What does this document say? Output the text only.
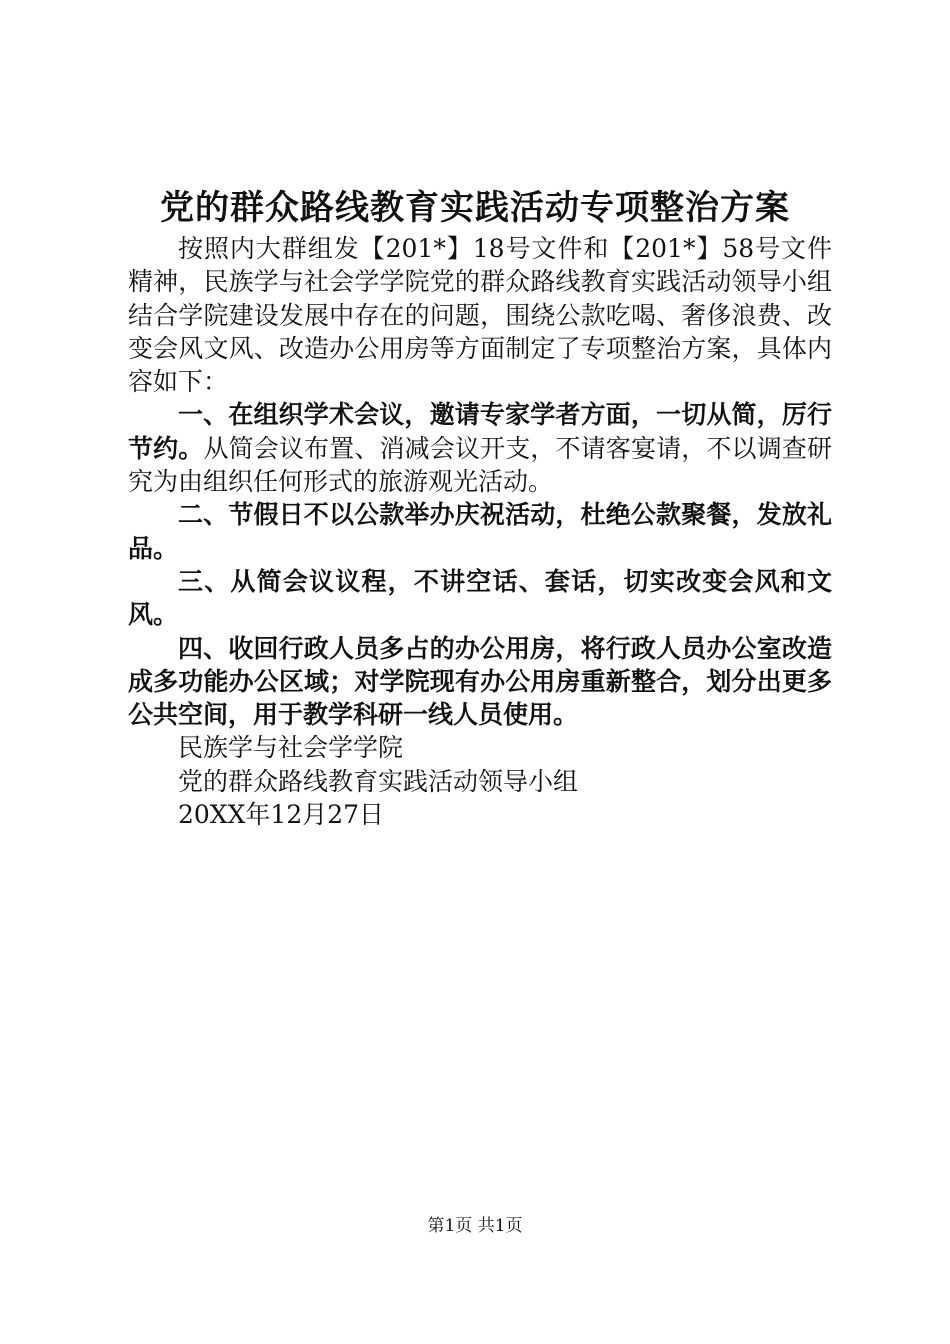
党的群众路线教育实践活动专项整治方案

按照内大群组发【201*】18号文件和【201*】58号文件精神，民族学与社会学学院党的群众路线教育实践活动领导小组结合学院建设发展中存在的问题，围绕公款吃喝、奢侈浪费、改变会风文风、改造办公用房等方面制定了专项整治方案，具体内容如下：

一、在组织学术会议，邀请专家学者方面，一切从简，厉行节约。从简会议布置、消减会议开支，不请客宴请，不以调查研究为由组织任何形式的旅游观光活动。

二、节假日不以公款举办庆祝活动，杜绝公款聚餐，发放礼品。

三、从简会议议程，不讲空话、套话，切实改变会风和文风。

四、收回行政人员多占的办公用房，将行政人员办公室改造成多功能办公区域；对学院现有办公用房重新整合，划分出更多公共空间，用于教学科研一线人员使用。

民族学与社会学学院

党的群众路线教育实践活动领导小组

20XX年12月27日

第1页 共1页
